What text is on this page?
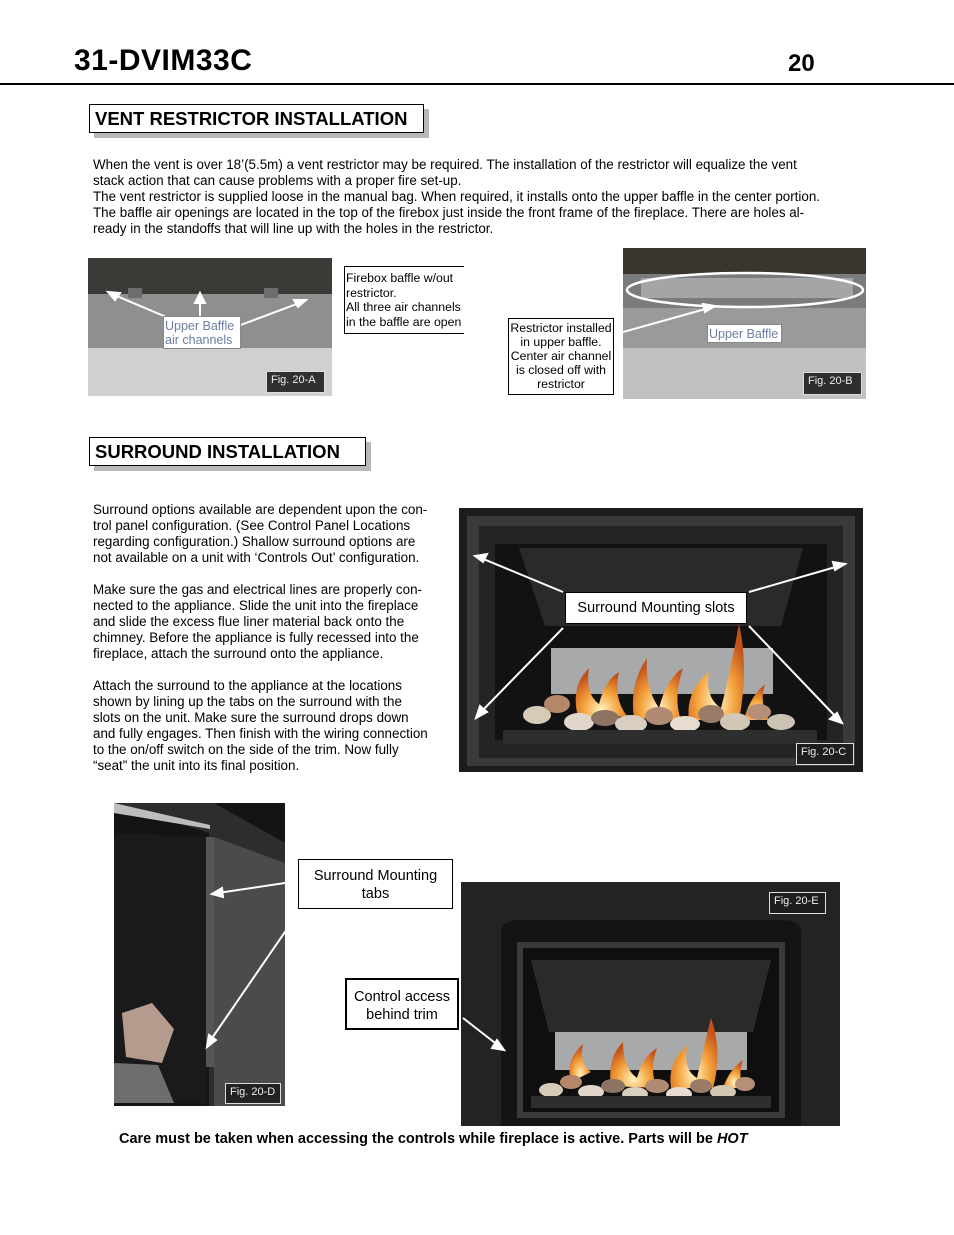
31-DVIM33C	20
VENT RESTRICTOR INSTALLATION
When the vent is over 18’(5.5m) a vent restrictor may be required. The installation of the restrictor will equalize the vent
stack action that can cause problems with a proper fire set-up.
The vent restrictor is supplied loose in the manual bag. When required, it installs onto the upper baffle in the center portion.
The baffle air openings are located in the top of the firebox just inside the front frame of the fireplace. There are holes al-
ready in the standoffs that will line up with the holes in the restrictor.
Upper Baffle
air channels
Fig. 20-A
Firebox baffle w/out
restrictor.
All three air channels
in the baffle are open	Restrictor installed
in upper baffle.
Center air channel
is closed off with
restrictor
Upper Baffle
Fig. 20-B
SURROUND INSTALLATION
Surround options available are dependent upon the con-
trol panel configuration. (See Control Panel Locations
regarding configuration.) Shallow surround options are
not available on a unit with ‘Controls Out’ configuration.
Make sure the gas and electrical lines are properly con-
nected to the appliance. Slide the unit into the fireplace
and slide the excess flue liner material back onto the
chimney. Before the appliance is fully recessed into the
fireplace, attach the surround onto the appliance.
Attach the surround to the appliance at the locations
shown by lining up the tabs on the surround with the
slots on the unit. Make sure the surround drops down
and fully engages. Then finish with the wiring connection
to the on/off switch on the side of the trim. Now fully
“seat” the unit into its final position.
Surround Mounting slots
Fig. 20-C
Fig. 20-D
Surround Mounting
tabs	Fig. 20-E
Control access
behind trim
Care must be taken when accessing the controls while fireplace is active. Parts will be HOT
